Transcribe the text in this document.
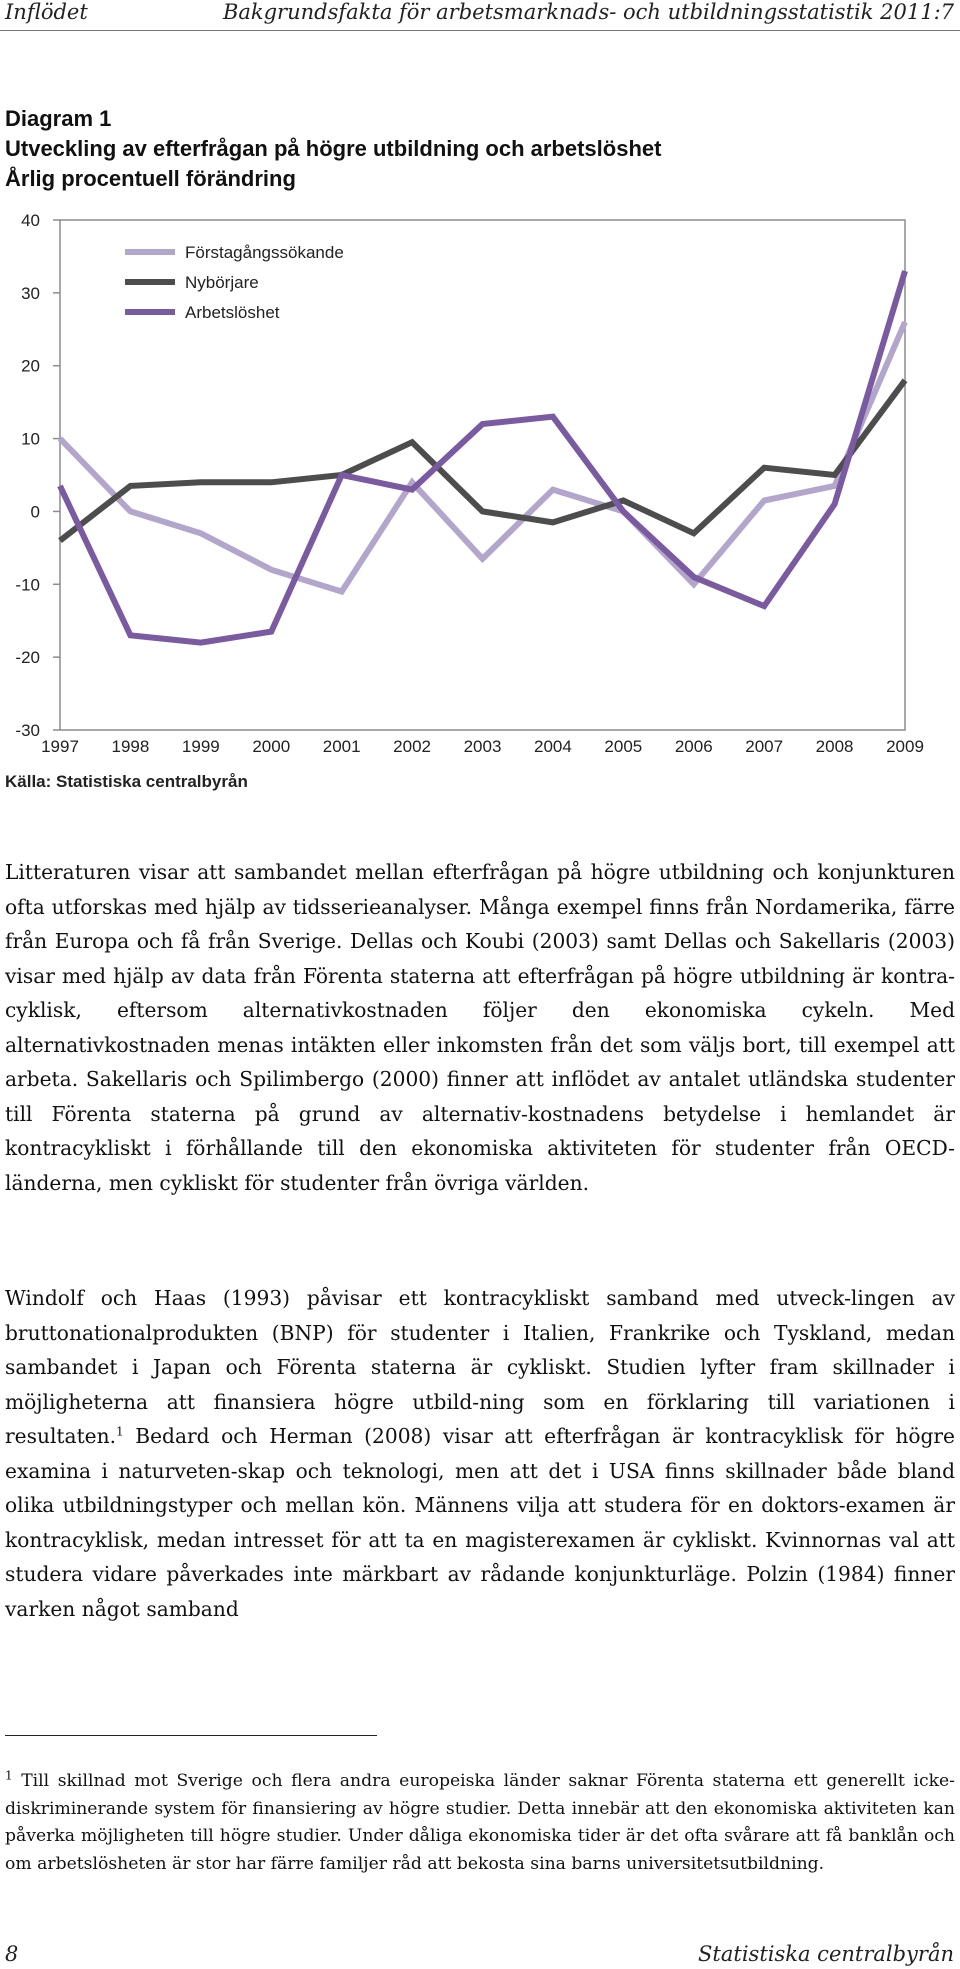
Inflödet	Bakgrundsfakta för arbetsmarknads- och utbildningsstatistik 2011:7
Diagram 1
Utveckling av efterfrågan på högre utbildning och arbetslöshet
Årlig procentuell förändring
-30
-20
-10
0
10
20
30
40
1997 1998 1999 2000 2001 2002 2003 2004 2005 2006 2007 2008 2009
Förstagångssökande
Nybörjare
Arbetslöshet
Källa: Statistiska centralbyrån

Litteraturen visar att sambandet mellan efterfrågan på högre utbildning och konjunkturen ofta utforskas med hjälp av tidsserieanalyser. Många exempel finns från Nordamerika, färre från Europa och få från Sverige. Dellas och Koubi (2003) samt Dellas och Sakellaris (2003) visar med hjälp av data från Förenta staterna att efterfrågan på högre utbildning är kontra-cyklisk, eftersom alternativkostnaden följer den ekonomiska cykeln. Med alternativkostnaden menas intäkten eller inkomsten från det som väljs bort, till exempel att arbeta. Sakellaris och Spilimbergo (2000) finner att inflödet av antalet utländska studenter till Förenta staterna på grund av alternativ-kostnadens betydelse i hemlandet är kontracykliskt i förhållande till den ekonomiska aktiviteten för studenter från OECD-länderna, men cykliskt för studenter från övriga världen.

Windolf och Haas (1993) påvisar ett kontracykliskt samband med utveck-lingen av bruttonationalprodukten (BNP) för studenter i Italien, Frankrike och Tyskland, medan sambandet i Japan och Förenta staterna är cykliskt. Studien lyfter fram skillnader i möjligheterna att finansiera högre utbild-ning som en förklaring till variationen i resultaten.$^1$ Bedard och Herman (2008) visar att efterfrågan är kontracyklisk för högre examina i naturveten-skap och teknologi, men att det i USA finns skillnader både bland olika utbildningstyper och mellan kön. Männens vilja att studera för en doktors-examen är kontracyklisk, medan intresset för att ta en magisterexamen är cykliskt. Kvinnornas val att studera vidare påverkades inte märkbart av rådande konjunkturläge. Polzin (1984) finner varken något samband

$^1$ Till skillnad mot Sverige och flera andra europeiska länder saknar Förenta staterna ett generellt icke-diskriminerande system för finansiering av högre studier. Detta innebär att den ekonomiska aktiviteten kan påverka möjligheten till högre studier. Under dåliga ekonomiska tider är det ofta svårare att få banklån och om arbetslösheten är stor har färre familjer råd att bekosta sina barns universitetsutbildning.

8	Statistiska centralbyrån
